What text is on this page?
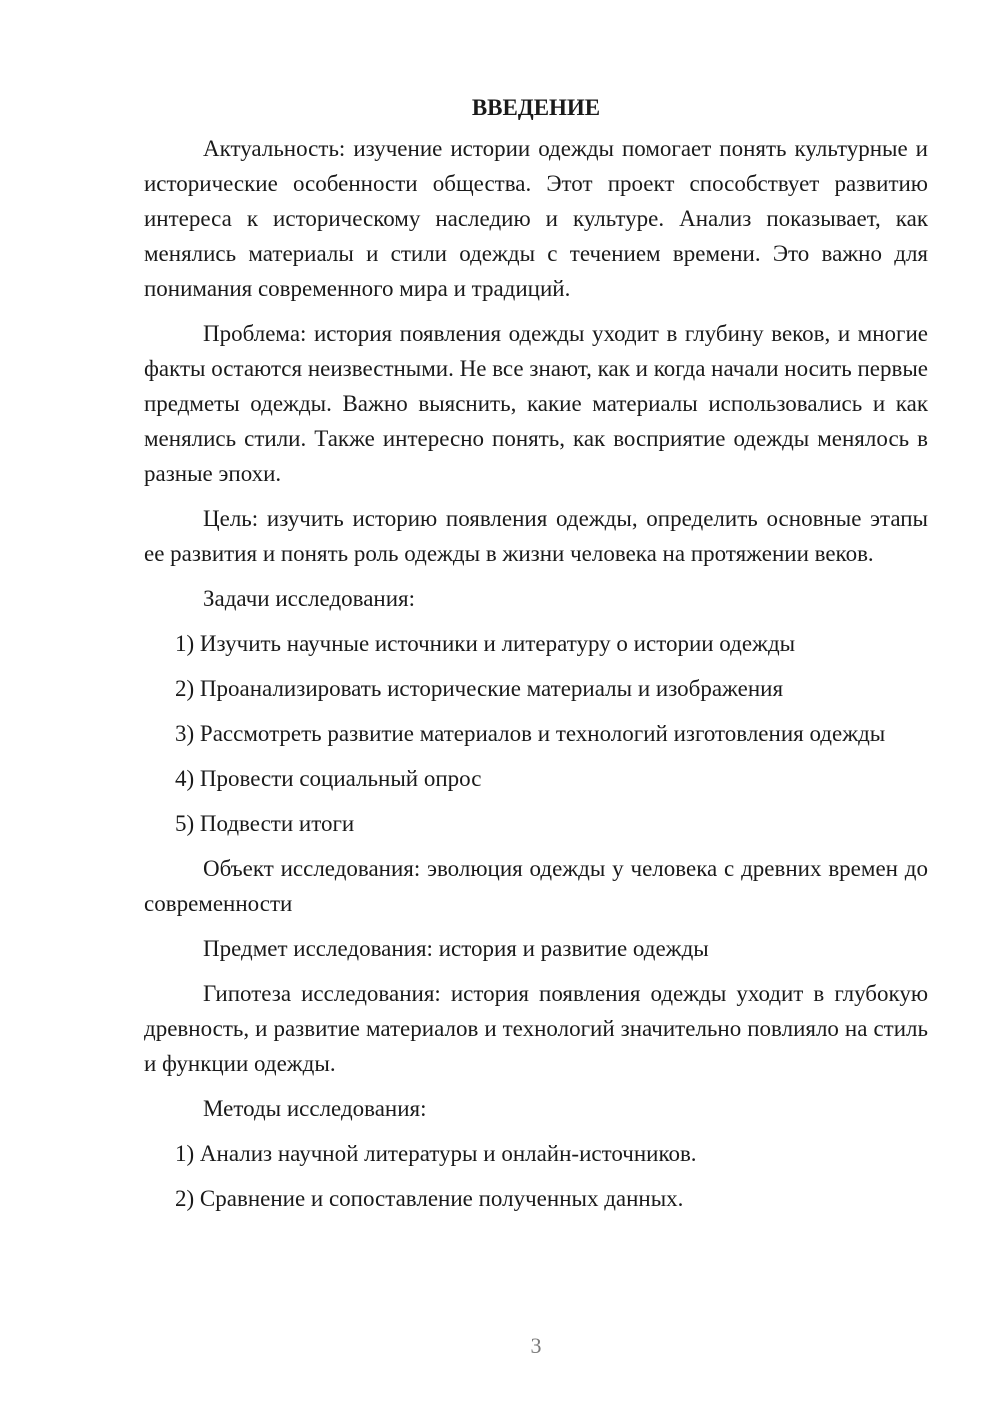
ВВЕДЕНИЕ

Актуальность: изучение истории одежды помогает понять культурные и исторические особенности общества. Этот проект способствует развитию интереса к историческому наследию и культуре. Анализ показывает, как менялись материалы и стили одежды с течением времени. Это важно для понимания современного мира и традиций.

Проблема: история появления одежды уходит в глубину веков, и многие факты остаются неизвестными. Не все знают, как и когда начали носить первые предметы одежды. Важно выяснить, какие материалы использовались и как менялись стили. Также интересно понять, как восприятие одежды менялось в разные эпохи.

Цель: изучить историю появления одежды, определить основные этапы ее развития и понять роль одежды в жизни человека на протяжении веков.

Задачи исследования:

1) Изучить научные источники и литературу о истории одежды

2) Проанализировать исторические материалы и изображения

3) Рассмотреть развитие материалов и технологий изготовления одежды

4) Провести социальный опрос

5) Подвести итоги

Объект исследования: эволюция одежды у человека с древних времен до современности

Предмет исследования: история и развитие одежды

Гипотеза исследования: история появления одежды уходит в глубокую древность, и развитие материалов и технологий значительно повлияло на стиль и функции одежды.

Методы исследования:

1) Анализ научной литературы и онлайн-источников.

2) Сравнение и сопоставление полученных данных.

3
